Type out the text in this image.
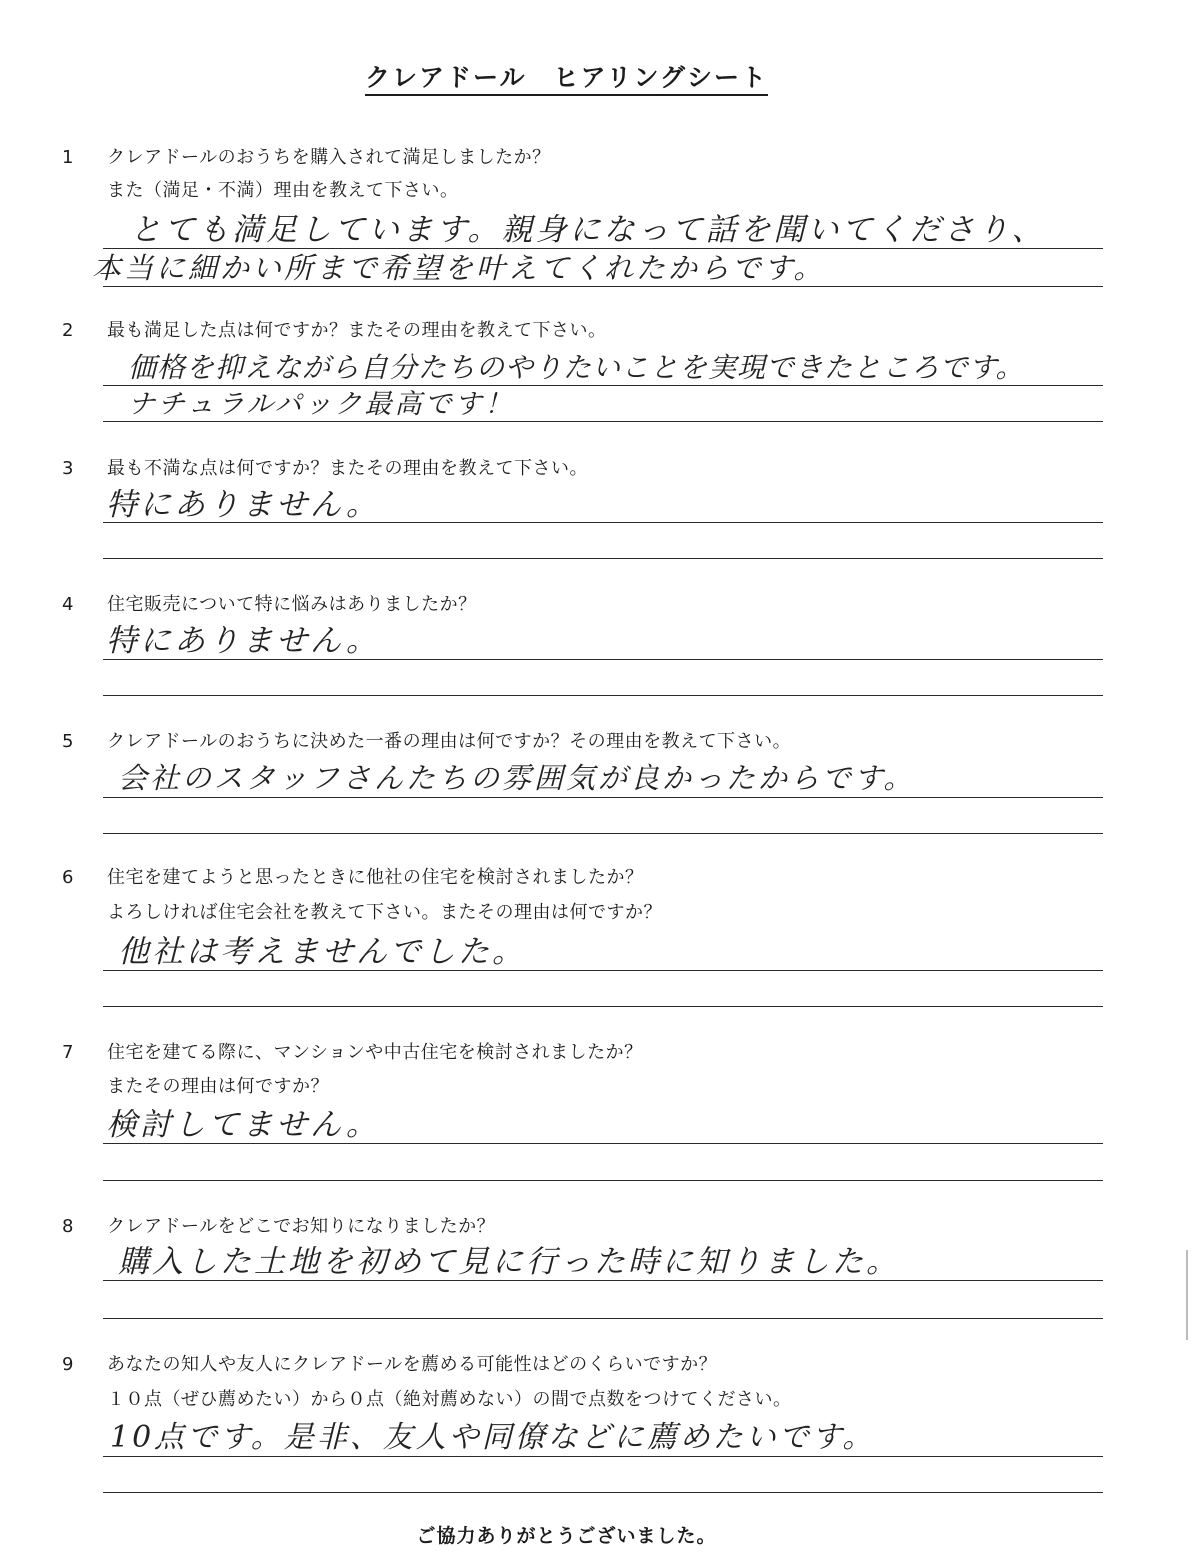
クレアドール　ヒアリングシート
1 クレアドールのおうちを購入されて満足しましたか？
また（満足・不満）理由を教えて下さい。
とても満足しています。親身になって話を聞いてくださり、
本当に細かい所まで希望を叶えてくれたからです。
2 最も満足した点は何ですか？またその理由を教えて下さい。
価格を抑えながら自分たちのやりたいことを実現できたところです。
ナチュラルパック最高です！
3 最も不満な点は何ですか？またその理由を教えて下さい。
特にありません。
4 住宅販売について特に悩みはありましたか？
特にありません。
5 クレアドールのおうちに決めた一番の理由は何ですか？その理由を教えて下さい。
会社のスタッフさんたちの雰囲気が良かったからです。
6 住宅を建てようと思ったときに他社の住宅を検討されましたか？
よろしければ住宅会社を教えて下さい。またその理由は何ですか？
他社は考えませんでした。
7 住宅を建てる際に、マンションや中古住宅を検討されましたか？
またその理由は何ですか？
検討してません。
8 クレアドールをどこでお知りになりましたか？
購入した土地を初めて見に行った時に知りました。
9 あなたの知人や友人にクレアドールを薦める可能性はどのくらいですか？
１０点（ぜひ薦めたい）から０点（絶対薦めない）の間で点数をつけてください。
10点です。是非、友人や同僚などに薦めたいです。
ご協力ありがとうございました。
